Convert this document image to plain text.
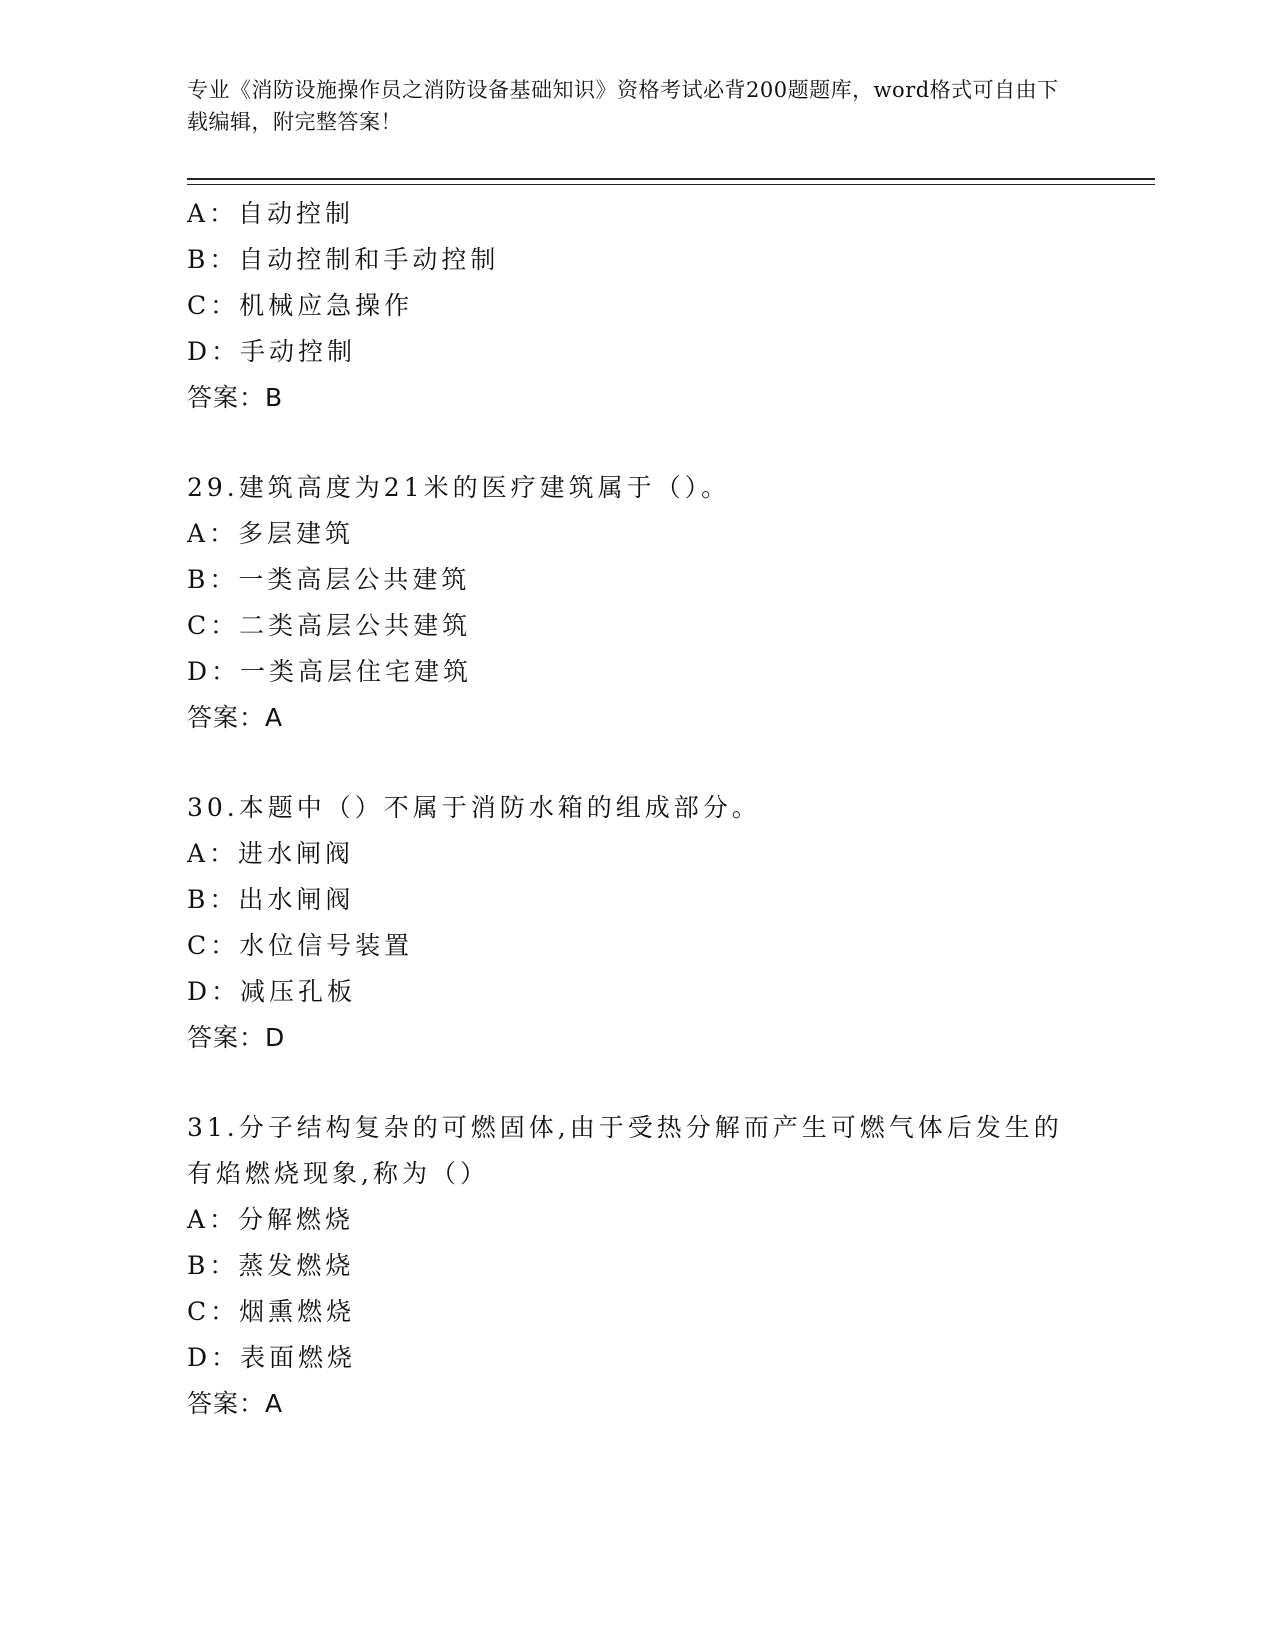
专业《消防设施操作员之消防设备基础知识》资格考试必背200题题库，word格式可自由下载编辑，附完整答案！
A：自动控制
B：自动控制和手动控制
C：机械应急操作
D：手动控制
答案：B
29.建筑高度为21米的医疗建筑属于（）。
A：多层建筑
B：一类高层公共建筑
C：二类高层公共建筑
D：一类高层住宅建筑
答案：A
30.本题中（）不属于消防水箱的组成部分。
A：进水闸阀
B：出水闸阀
C：水位信号装置
D：减压孔板
答案：D
31.分子结构复杂的可燃固体,由于受热分解而产生可燃气体后发生的
有焰燃烧现象,称为（）
A：分解燃烧
B：蒸发燃烧
C：烟熏燃烧
D：表面燃烧
答案：A
